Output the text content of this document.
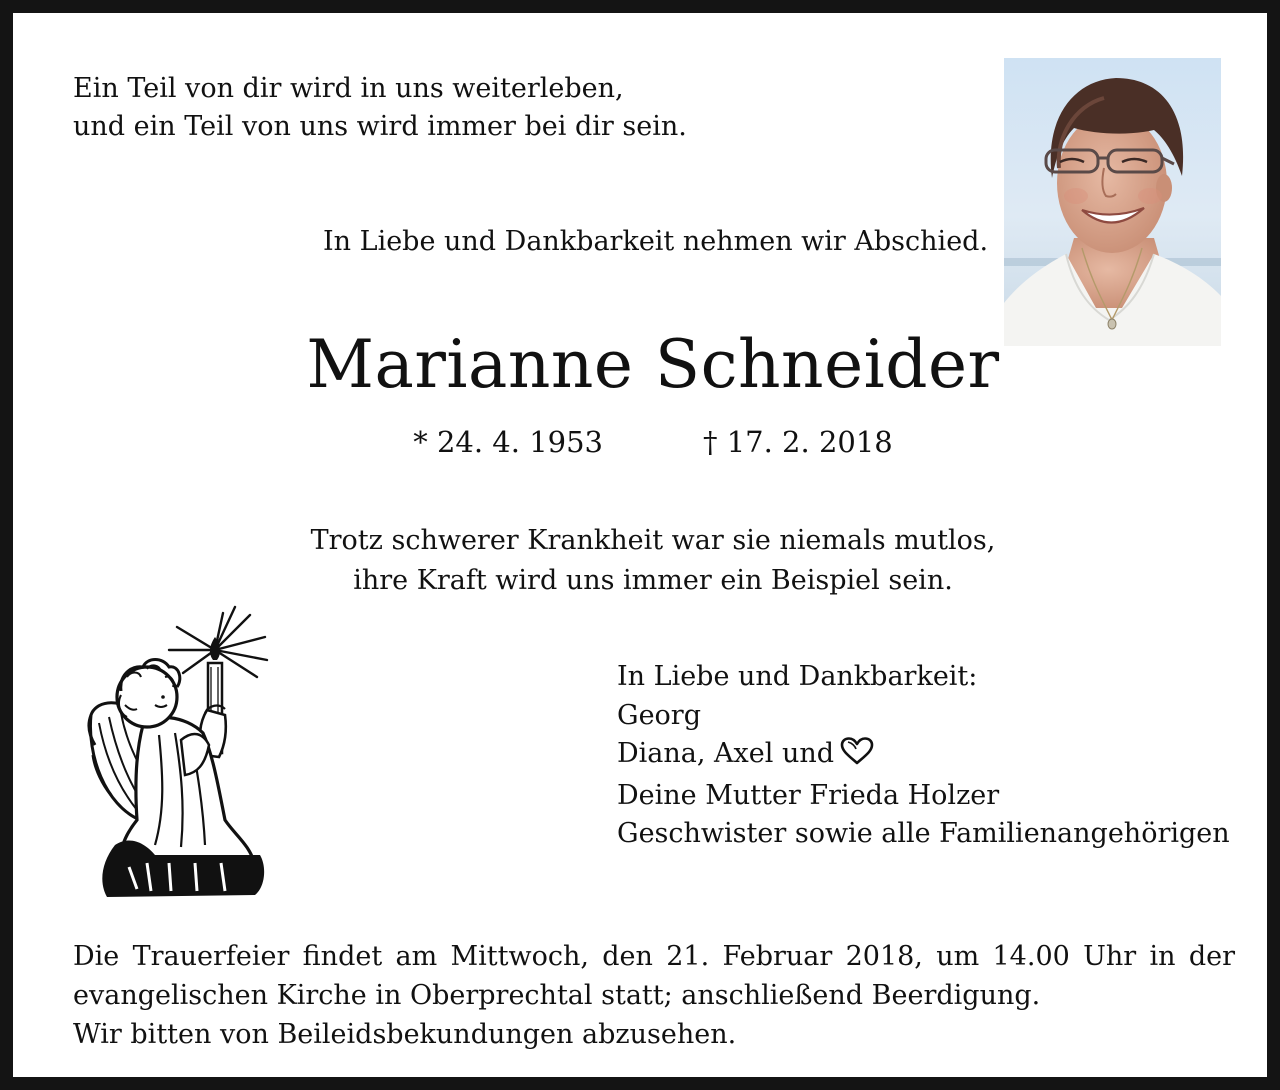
Ein Teil von dir wird in uns weiterleben,
und ein Teil von uns wird immer bei dir sein.
In Liebe und Dankbarkeit nehmen wir Abschied.
Marianne Schneider
* 24. 4. 1953	† 17. 2. 2018
Trotz schwerer Krankheit war sie niemals mutlos,
ihre Kraft wird uns immer ein Beispiel sein.
In Liebe und Dankbarkeit:
Georg
Diana, Axel und
Deine Mutter Frieda Holzer
Geschwister sowie alle Familienangehörigen
Die Trauerfeier findet am Mittwoch, den 21. Februar 2018, um 14.00 Uhr in der
evangelischen Kirche in Oberprechtal statt; anschließend Beerdigung.
Wir bitten von Beileidsbekundungen abzusehen.
